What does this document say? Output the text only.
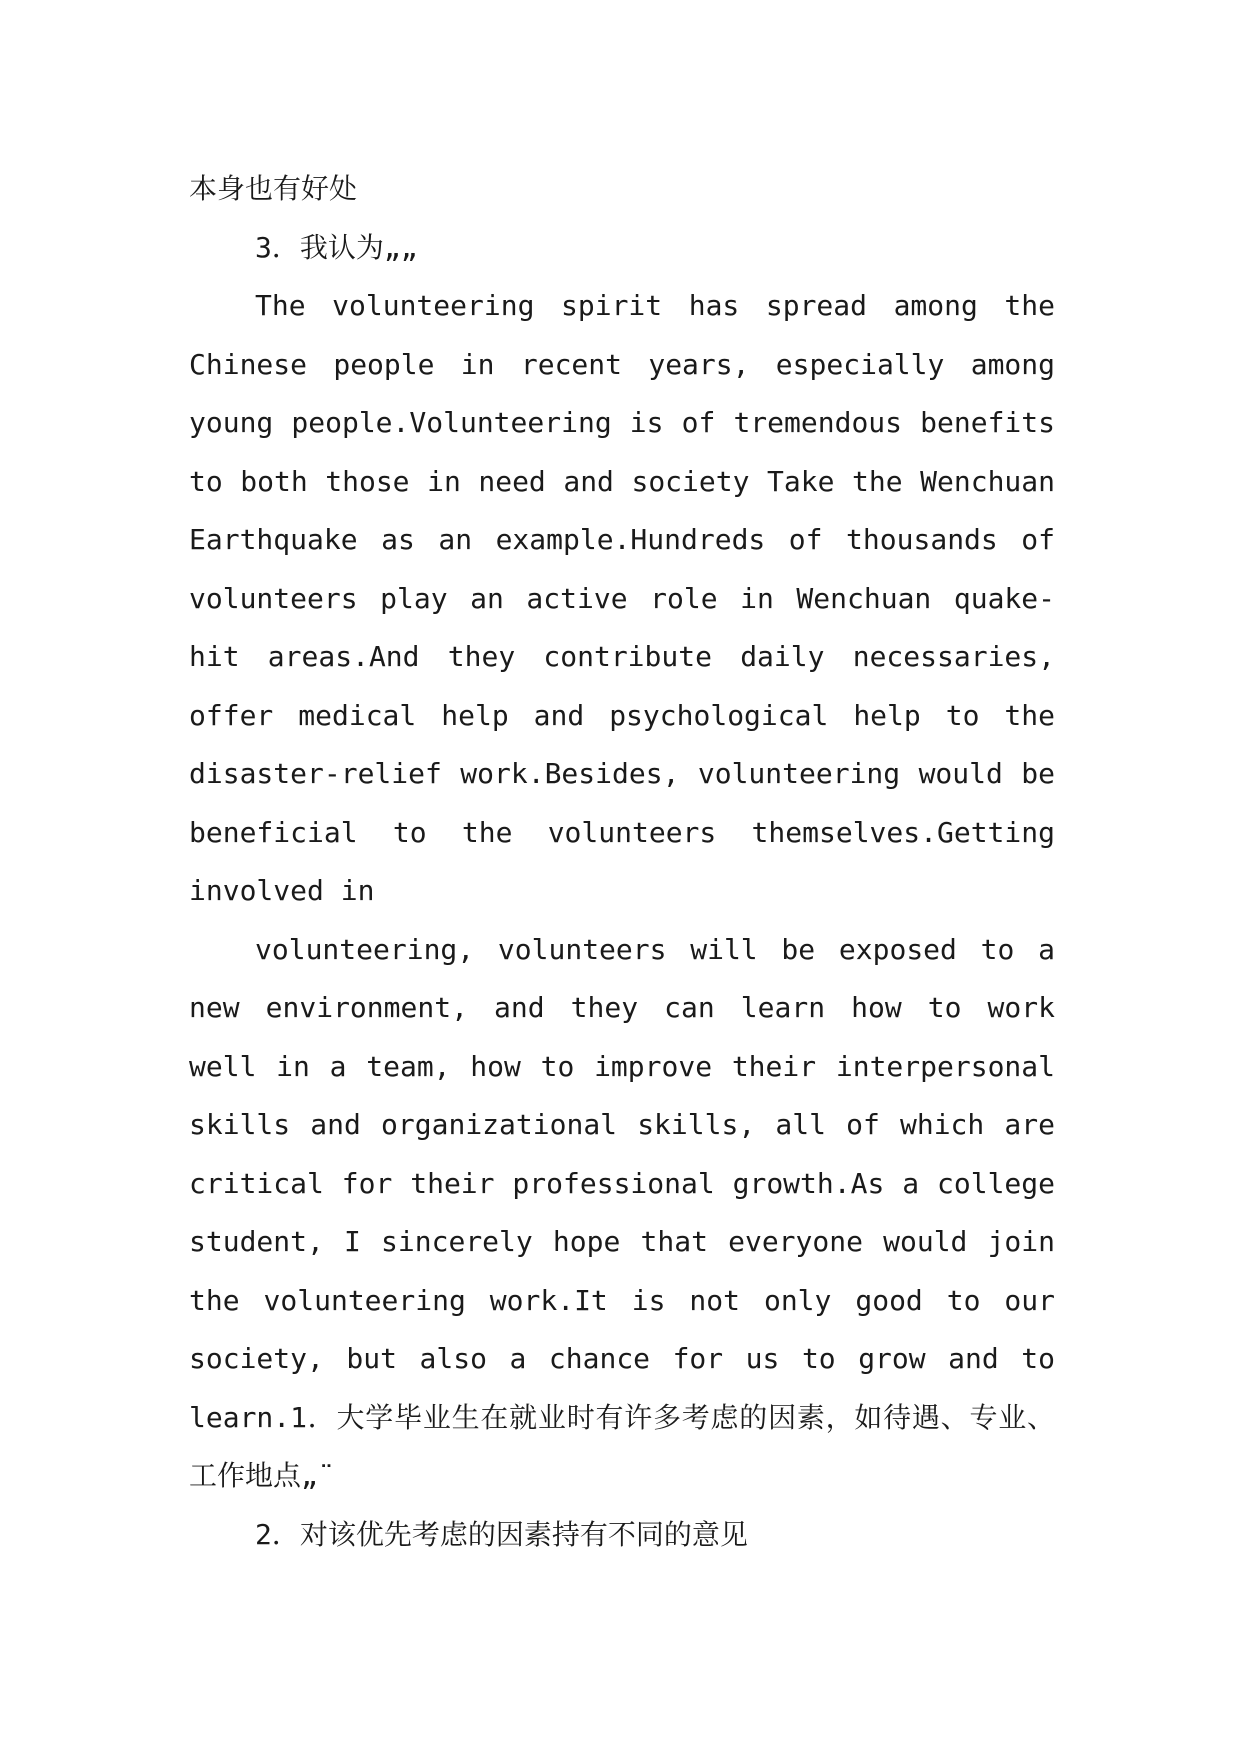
本身也有好处

3．我认为„„

The volunteering spirit has spread among the Chinese people in recent years, especially among young people.Volunteering is of tremendous benefits to both those in need and society Take the Wenchuan Earthquake as an example.Hundreds of thousands of volunteers play an active role in Wenchuan quake-hit areas.And they contribute daily necessaries, offer medical help and psychological help to the disaster-relief work.Besides, volunteering would be beneficial to the volunteers themselves.Getting involved in

volunteering, volunteers will be exposed to a new environment, and they can learn how to work well in a team, how to improve their interpersonal skills and organizational skills, all of which are critical for their professional growth.As a college student, I sincerely hope that everyone would join the volunteering work.It is not only good to our society, but also a chance for us to grow and to learn.1．大学毕业生在就业时有许多考虑的因素，如待遇、专业、工作地点„¨

2．对该优先考虑的因素持有不同的意见
